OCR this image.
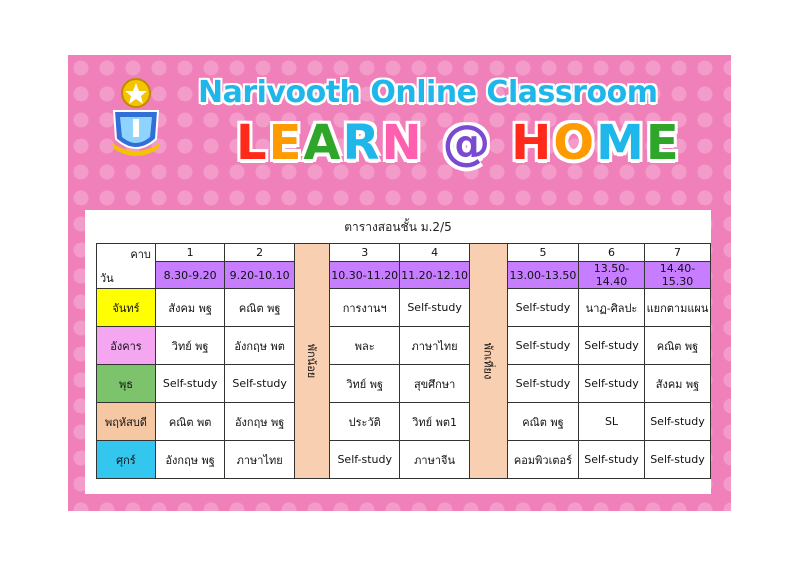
Narivooth Online Classroom
LEARN @ HOME
ตารางสอนชั้น ม.2/5
คาบ
วัน	1	2	พักน้อย	3	4	พักเที่ยง	5	6	7
	8.30-9.20	9.20-10.10		10.30-11.20	11.20-12.10		13.00-13.50	13.50-14.40	14.40-15.30
จันทร์	สังคม พฐ	คณิต พฐ		การงานฯ	Self-study		Self-study	นาฏ-ศิลปะ	แยกตามแผน
อังคาร	วิทย์ พฐ	อังกฤษ พต		พละ	ภาษาไทย		Self-study	Self-study	คณิต พฐ
พุธ	Self-study	Self-study		วิทย์ พฐ	สุขศึกษา		Self-study	Self-study	สังคม พฐ
พฤหัสบดี	คณิต พต	อังกฤษ พฐ		ประวัติ	วิทย์ พต1		คณิต พฐ	SL	Self-study
ศุกร์	อังกฤษ พฐ	ภาษาไทย		Self-study	ภาษาจีน		คอมพิวเตอร์	Self-study	Self-study
